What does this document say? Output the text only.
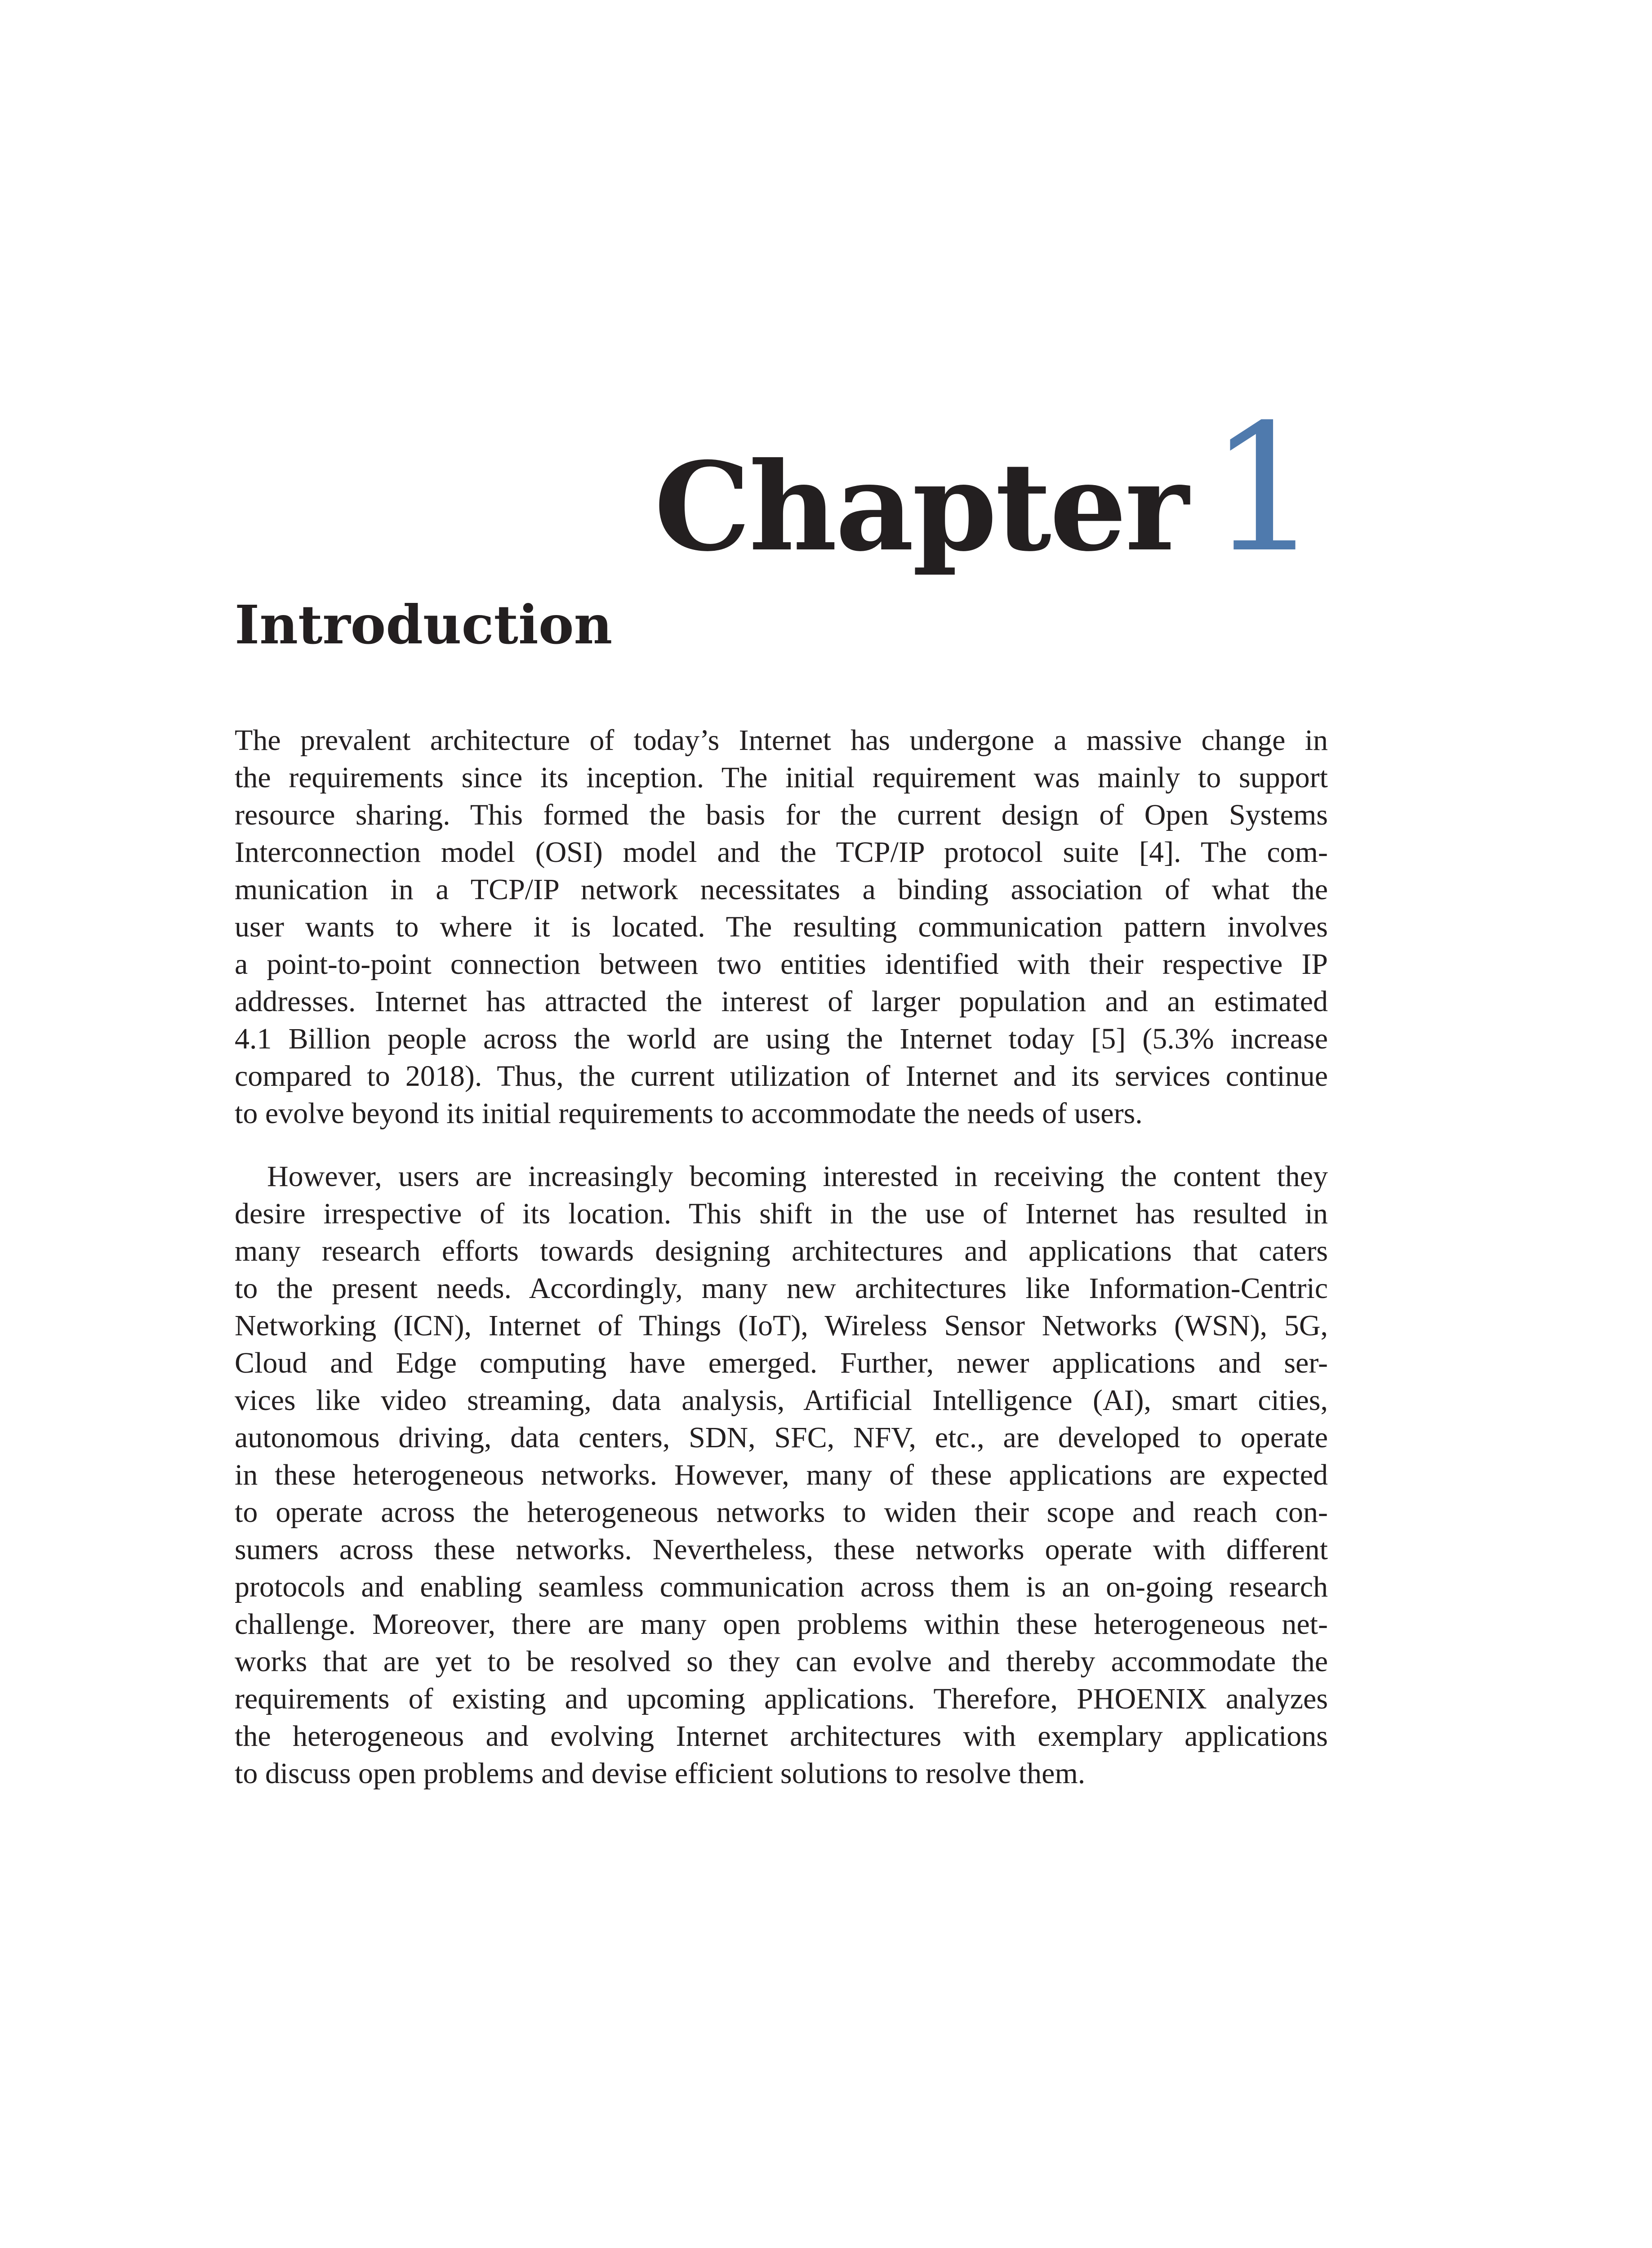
Chapter 1
Introduction
The prevalent architecture of today’s Internet has undergone a massive change in
the requirements since its inception. The initial requirement was mainly to support
resource sharing. This formed the basis for the current design of Open Systems
Interconnection model (OSI) model and the TCP/IP protocol suite [4]. The com-
munication in a TCP/IP network necessitates a binding association of what the
user wants to where it is located. The resulting communication pattern involves
a point-to-point connection between two entities identified with their respective IP
addresses. Internet has attracted the interest of larger population and an estimated
4.1 Billion people across the world are using the Internet today [5] (5.3% increase
compared to 2018). Thus, the current utilization of Internet and its services continue
to evolve beyond its initial requirements to accommodate the needs of users.
However, users are increasingly becoming interested in receiving the content they
desire irrespective of its location. This shift in the use of Internet has resulted in
many research efforts towards designing architectures and applications that caters
to the present needs. Accordingly, many new architectures like Information-Centric
Networking (ICN), Internet of Things (IoT), Wireless Sensor Networks (WSN), 5G,
Cloud and Edge computing have emerged. Further, newer applications and ser-
vices like video streaming, data analysis, Artificial Intelligence (AI), smart cities,
autonomous driving, data centers, SDN, SFC, NFV, etc., are developed to operate
in these heterogeneous networks. However, many of these applications are expected
to operate across the heterogeneous networks to widen their scope and reach con-
sumers across these networks. Nevertheless, these networks operate with different
protocols and enabling seamless communication across them is an on-going research
challenge. Moreover, there are many open problems within these heterogeneous net-
works that are yet to be resolved so they can evolve and thereby accommodate the
requirements of existing and upcoming applications. Therefore, PHOENIX analyzes
the heterogeneous and evolving Internet architectures with exemplary applications
to discuss open problems and devise efficient solutions to resolve them.
